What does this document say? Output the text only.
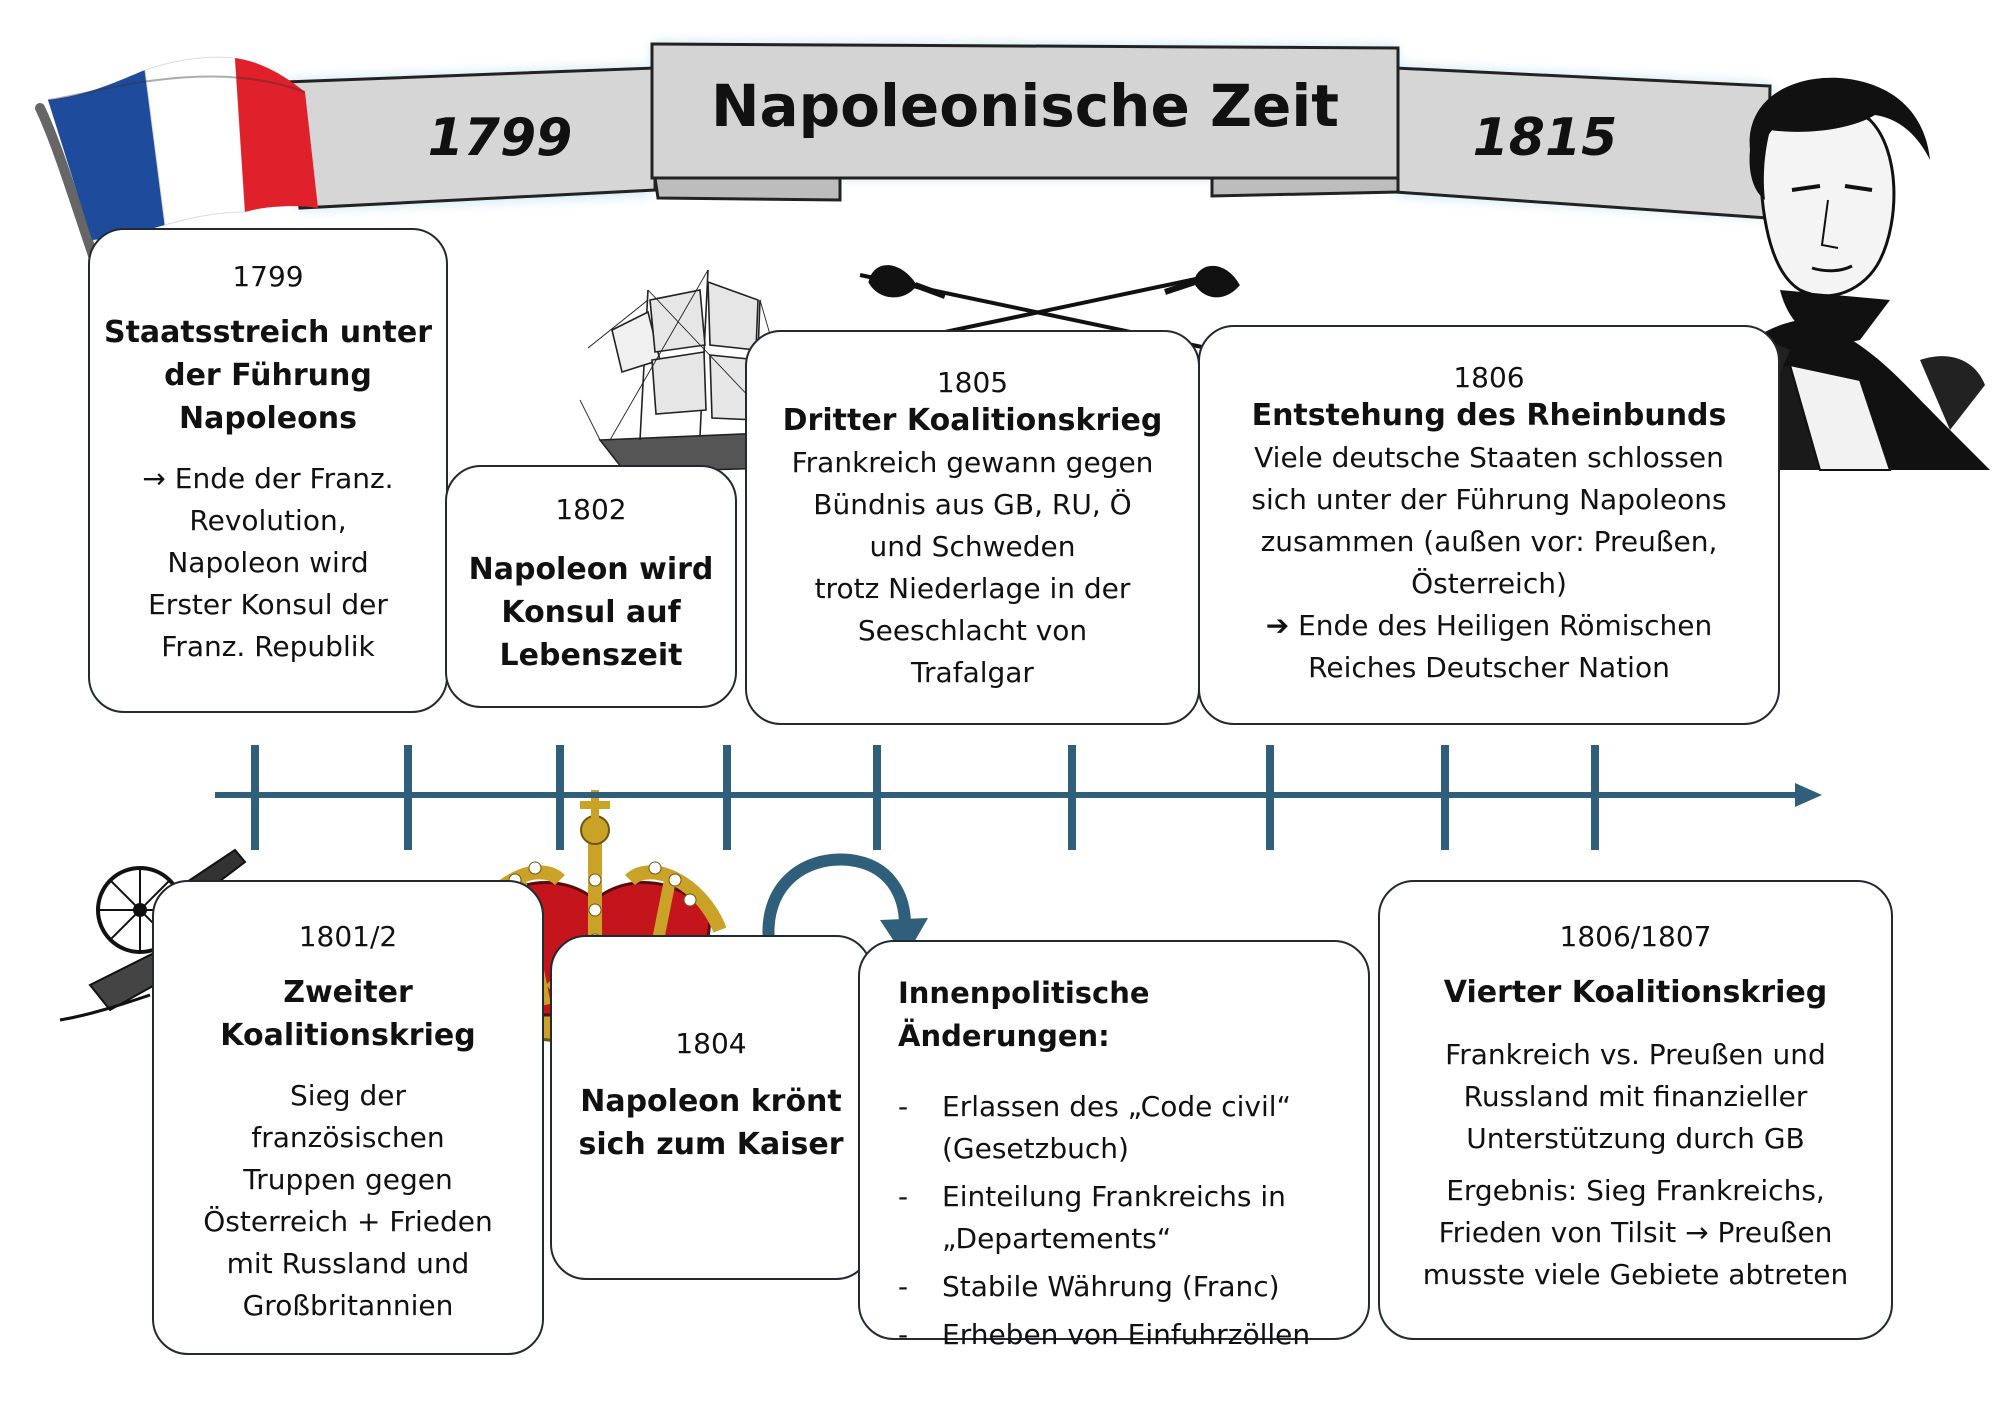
Napoleonische Zeit
1799	1815
1799
Staatsstreich unter
der Führung
Napoleons
→ Ende der Franz.
Revolution,
Napoleon wird
Erster Konsul der
Franz. Republik
1802
Napoleon wird
Konsul auf
Lebenszeit
1805
Dritter Koalitionskrieg
Frankreich gewann gegen
Bündnis aus GB, RU, Ö
und Schweden
trotz Niederlage in der
Seeschlacht von
Trafalgar
1806
Entstehung des Rheinbunds
Viele deutsche Staaten schlossen
sich unter der Führung Napoleons
zusammen (außen vor: Preußen,
Österreich)
➔ Ende des Heiligen Römischen
Reiches Deutscher Nation
1801/2
Zweiter
Koalitionskrieg
Sieg der
französischen
Truppen gegen
Österreich + Frieden
mit Russland und
Großbritannien
1804
Napoleon krönt
sich zum Kaiser
Innenpolitische Änderungen:
- Erlassen des „Code civil“
(Gesetzbuch)
- Einteilung Frankreichs in
„Departements“
- Stabile Währung (Franc)
- Erheben von Einfuhrzöllen
1806/1807
Vierter Koalitionskrieg
Frankreich vs. Preußen und
Russland mit finanzieller
Unterstützung durch GB
Ergebnis: Sieg Frankreichs,
Frieden von Tilsit → Preußen
musste viele Gebiete abtreten
